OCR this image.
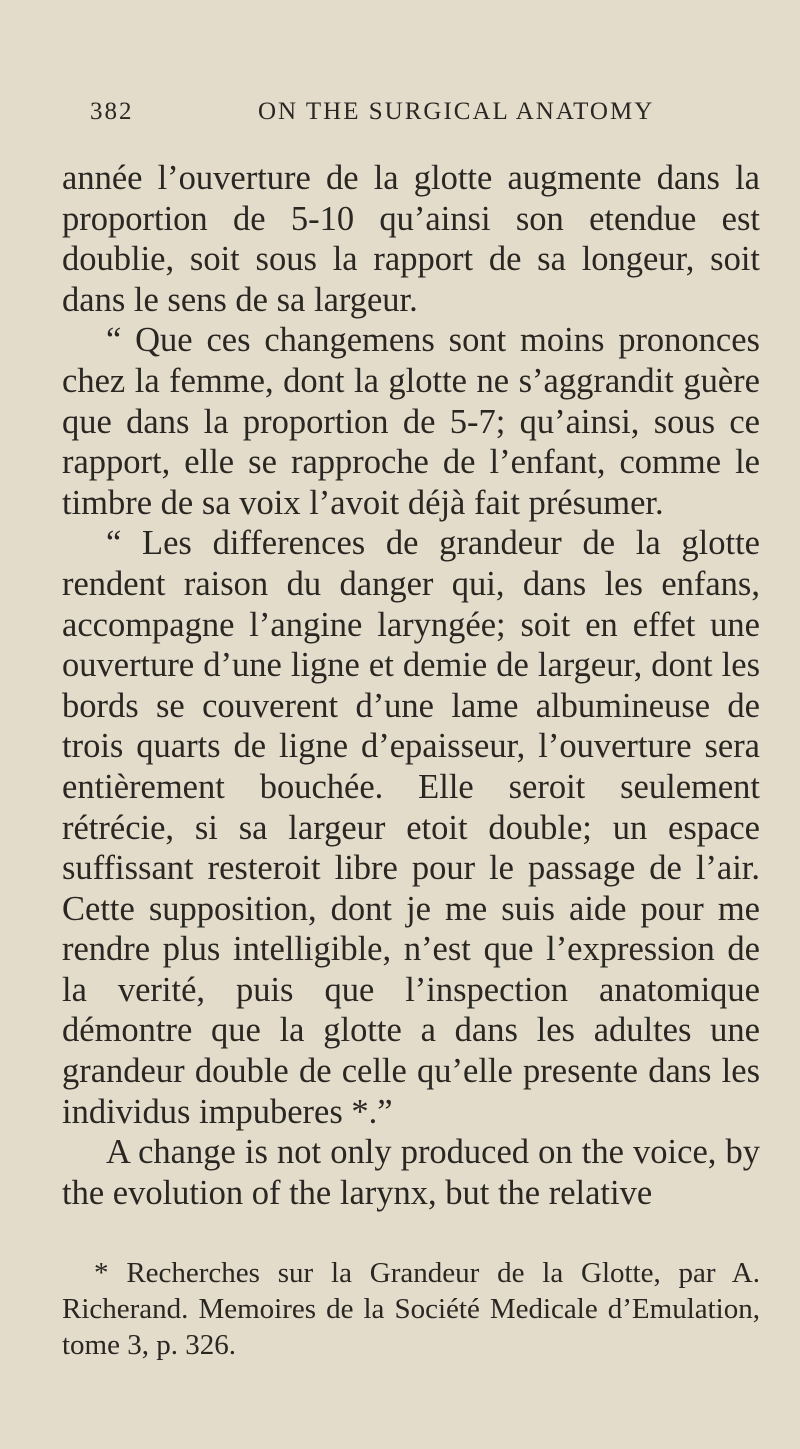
382	ON THE SURGICAL ANATOMY

année l’ouverture de la glotte augmente dans la proportion de 5-10 qu’ainsi son etendue est doublie, soit sous la rapport de sa longeur, soit dans le sens de sa largeur.

“ Que ces changemens sont moins prononces chez la femme, dont la glotte ne s’aggrandit guère que dans la proportion de 5-7; qu’ainsi, sous ce rapport, elle se rapproche de l’enfant, comme le timbre de sa voix l’avoit déjà fait présumer.

“ Les differences de grandeur de la glotte rendent raison du danger qui, dans les enfans, accompagne l’angine laryngée; soit en effet une ouverture d’une ligne et demie de largeur, dont les bords se couverent d’une lame albumineuse de trois quarts de ligne d’epaisseur, l’ouverture sera entièrement bouchée. Elle seroit seulement rétrécie, si sa largeur etoit double; un espace suffissant resteroit libre pour le passage de l’air. Cette supposition, dont je me suis aide pour me rendre plus intelligible, n’est que l’expression de la verité, puis que l’inspection anatomique démontre que la glotte a dans les adultes une grandeur double de celle qu’elle presente dans les individus impuberes *.”

A change is not only produced on the voice, by the evolution of the larynx, but the relative

* Recherches sur la Grandeur de la Glotte, par A. Richerand. Memoires de la Société Medicale d’Emulation, tome 3, p. 326.
